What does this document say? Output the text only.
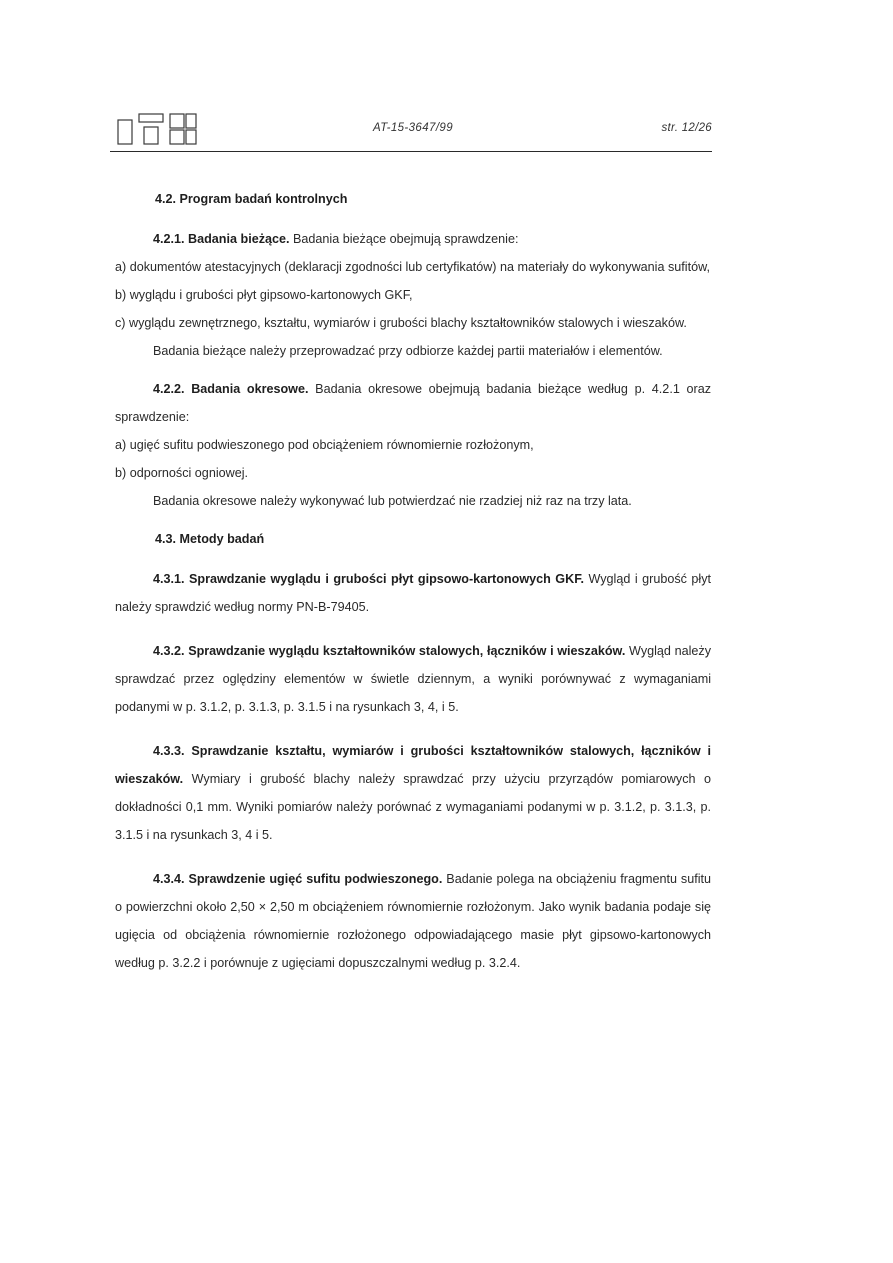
AT-15-3647/99	str. 12/26

4.2. Program badań kontrolnych

4.2.1. Badania bieżące. Badania bieżące obejmują sprawdzenie:

a) dokumentów atestacyjnych (deklaracji zgodności lub certyfikatów) na materiały do wykonywania sufitów,

b) wyglądu i grubości płyt gipsowo-kartonowych GKF,

c) wyglądu zewnętrznego, kształtu, wymiarów i grubości blachy kształtowników stalowych i wieszaków.

Badania bieżące należy przeprowadzać przy odbiorze każdej partii materiałów i elementów.

4.2.2. Badania okresowe. Badania okresowe obejmują badania bieżące według p. 4.2.1 oraz sprawdzenie:

a) ugięć sufitu podwieszonego pod obciążeniem równomiernie rozłożonym,

b) odporności ogniowej.

Badania okresowe należy wykonywać lub potwierdzać nie rzadziej niż raz na trzy lata.

4.3. Metody badań

4.3.1. Sprawdzanie wyglądu i grubości płyt gipsowo-kartonowych GKF. Wygląd i grubość płyt należy sprawdzić według normy PN-B-79405.

4.3.2. Sprawdzanie wyglądu kształtowników stalowych, łączników i wieszaków. Wygląd należy sprawdzać przez oględziny elementów w świetle dziennym, a wyniki porównywać z wymaganiami podanymi w p. 3.1.2, p. 3.1.3, p. 3.1.5 i na rysunkach 3, 4, i 5.

4.3.3. Sprawdzanie kształtu, wymiarów i grubości kształtowników stalowych, łączników i wieszaków. Wymiary i grubość blachy należy sprawdzać przy użyciu przyrządów pomiarowych o dokładności 0,1 mm. Wyniki pomiarów należy porównać z wymaganiami podanymi w p. 3.1.2, p. 3.1.3, p. 3.1.5 i na rysunkach 3, 4 i 5.

4.3.4. Sprawdzenie ugięć sufitu podwieszonego. Badanie polega na obciążeniu fragmentu sufitu o powierzchni około 2,50 × 2,50 m obciążeniem równomiernie rozłożonym. Jako wynik badania podaje się ugięcia od obciążenia równomiernie rozłożonego odpowiadającego masie płyt gipsowo-kartonowych według p. 3.2.2 i porównuje z ugięciami dopuszczalnymi według p. 3.2.4.
